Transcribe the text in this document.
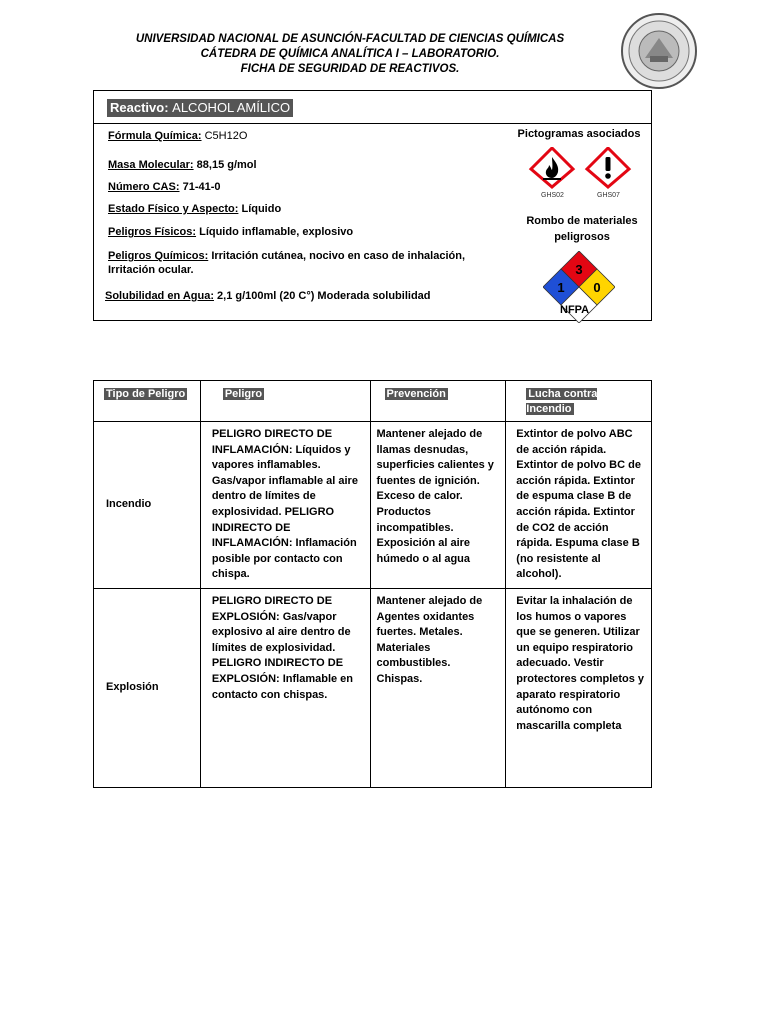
UNIVERSIDAD NACIONAL DE ASUNCIÓN-FACULTAD DE CIENCIAS QUÍMICAS
CÁTEDRA DE QUÍMICA ANALÍTICA I – LABORATORIO.
FICHA DE SEGURIDAD DE REACTIVOS.
Reactivo: ALCOHOL AMÍLICO
Fórmula Química: C5H12O
Masa Molecular: 88,15 g/mol
Número CAS: 71-41-0
Estado Físico y Aspecto: Líquido
Peligros Físicos: Líquido inflamable, explosivo
Peligros Químicos: Irritación cutánea, nocivo en caso de inhalación,
Irritación ocular.
Solubilidad en Agua: 2,1 g/100ml (20 C°) Moderada solubilidad
Pictogramas asociados
GHS02	GHS07
Rombo de materiales
peligrosos
3
1 0
NFPA
Tipo de Peligro	Peligro	Prevención	Lucha contra Incendio
Incendio	PELIGRO DIRECTO DE INFLAMACIÓN: Líquidos y vapores inflamables. Gas/vapor inflamable al aire dentro de límites de explosividad. PELIGRO INDIRECTO DE INFLAMACIÓN: Inflamación posible por contacto con chispa.	Mantener alejado de llamas desnudas, superficies calientes y fuentes de ignición. Exceso de calor. Productos incompatibles. Exposición al aire húmedo o al agua	Extintor de polvo ABC de acción rápida. Extintor de polvo BC de acción rápida. Extintor de espuma clase B de acción rápida. Extintor de CO2 de acción rápida. Espuma clase B (no resistente al alcohol).
Explosión	PELIGRO DIRECTO DE EXPLOSIÓN: Gas/vapor explosivo al aire dentro de límites de explosividad. PELIGRO INDIRECTO DE EXPLOSIÓN: Inflamable en contacto con chispas.	Mantener alejado de Agentes oxidantes fuertes. Metales. Materiales combustibles. Chispas.	Evitar la inhalación de los humos o vapores que se generen. Utilizar un equipo respiratorio adecuado. Vestir protectores completos y aparato respiratorio autónomo con mascarilla completa
